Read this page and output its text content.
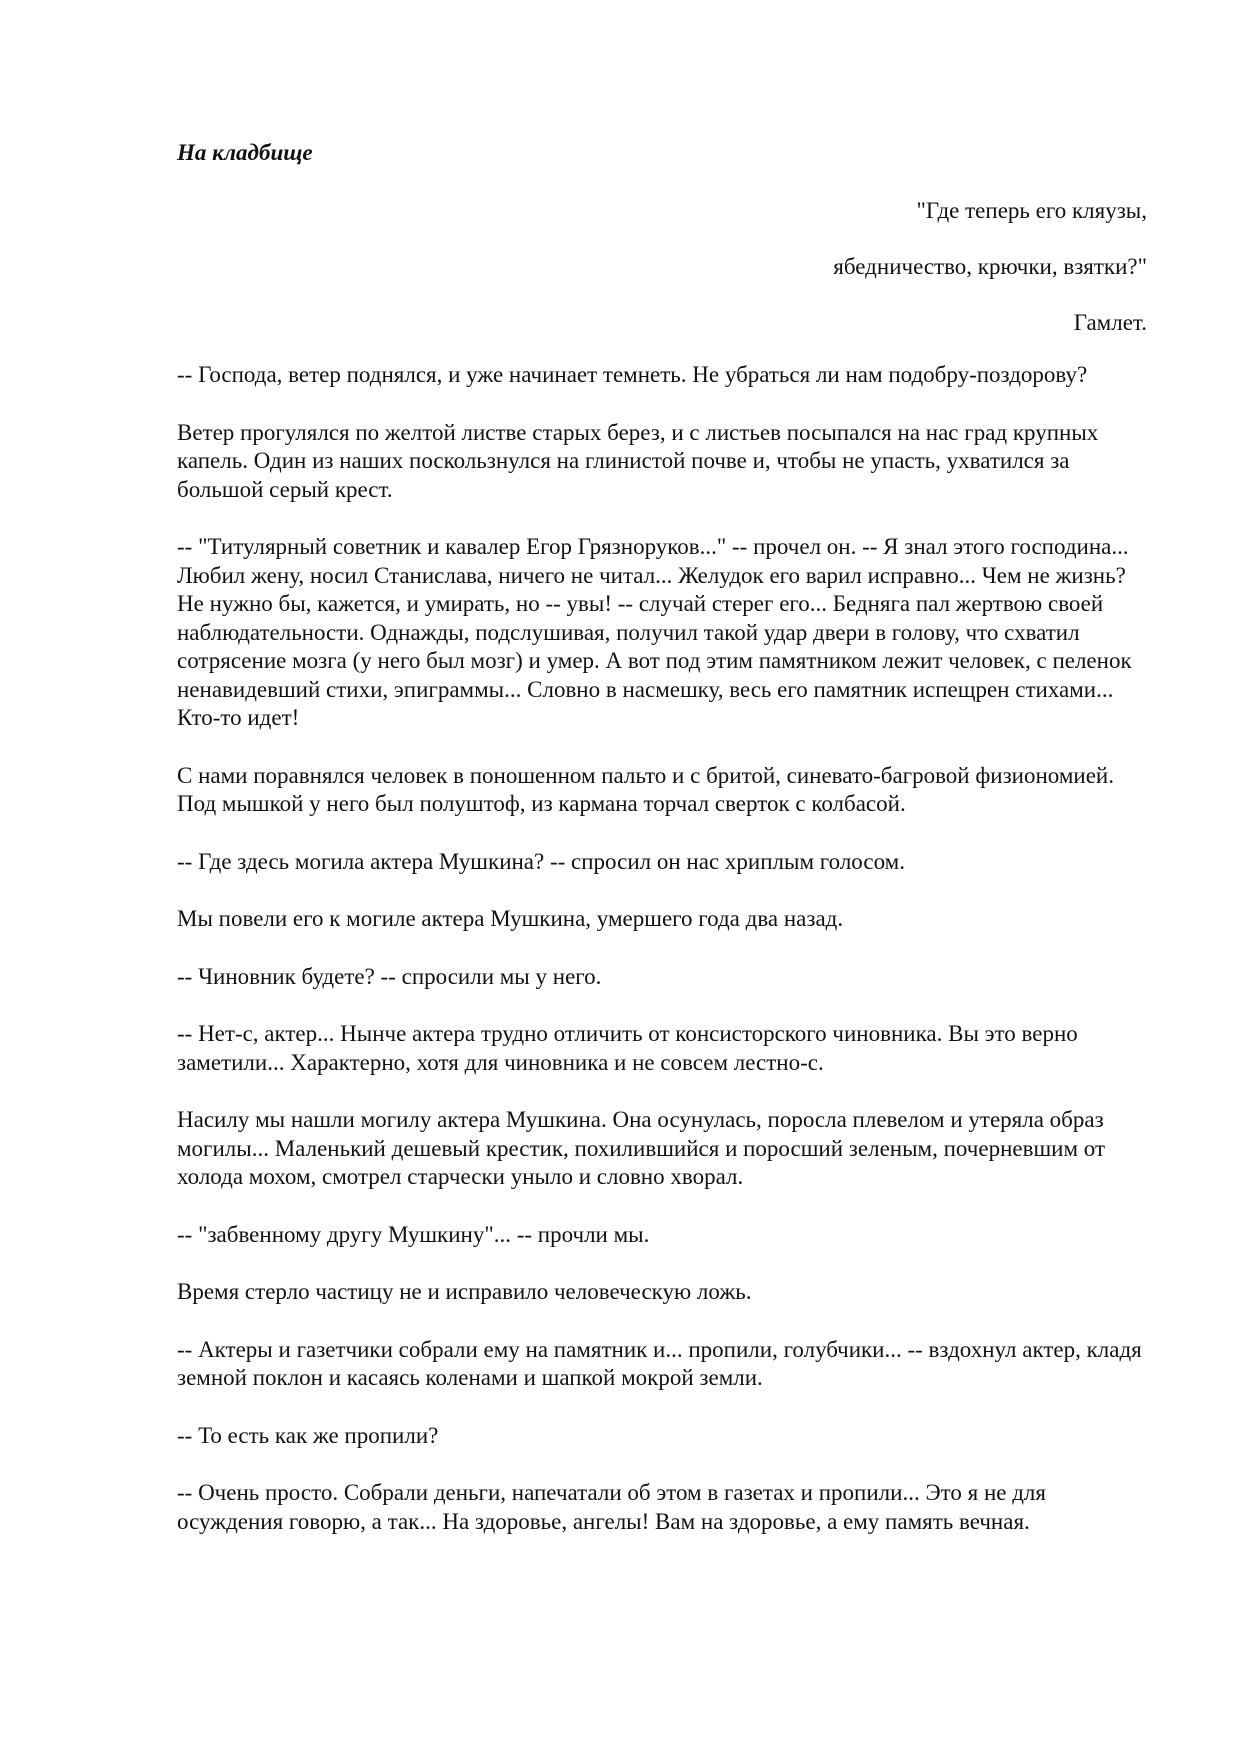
На кладбище
"Где теперь его кляузы,
ябедничество, крючки, взятки?"
Гамлет.

-- Господа, ветер поднялся, и уже начинает темнеть. Не убраться ли нам подобру-поздорову?

Ветер прогулялся по желтой листве старых берез, и с листьев посыпался на нас град крупных капель. Один из наших поскользнулся на глинистой почве и, чтобы не упасть, ухватился за большой серый крест.

-- "Титулярный советник и кавалер Егор Грязноруков..." -- прочел он. -- Я знал этого господина... Любил жену, носил Станислава, ничего не читал... Желудок его варил исправно... Чем не жизнь? Не нужно бы, кажется, и умирать, но -- увы! -- случай стерег его... Бедняга пал жертвою своей наблюдательности. Однажды, подслушивая, получил такой удар двери в голову, что схватил сотрясение мозга (у него был мозг) и умер. А вот под этим памятником лежит человек, с пеленок ненавидевший стихи, эпиграммы... Словно в насмешку, весь его памятник испещрен стихами... Кто-то идет!

С нами поравнялся человек в поношенном пальто и с бритой, синевато-багровой физиономией. Под мышкой у него был полуштоф, из кармана торчал сверток с колбасой.

-- Где здесь могила актера Мушкина? -- спросил он нас хриплым голосом.

Мы повели его к могиле актера Мушкина, умершего года два назад.

-- Чиновник будете? -- спросили мы у него.

-- Нет-с, актер... Нынче актера трудно отличить от консисторского чиновника. Вы это верно заметили... Характерно, хотя для чиновника и не совсем лестно-с.

Насилу мы нашли могилу актера Мушкина. Она осунулась, поросла плевелом и утеряла образ могилы... Маленький дешевый крестик, похилившийся и поросший зеленым, почерневшим от холода мохом, смотрел старчески уныло и словно хворал.

-- "забвенному другу Мушкину"... -- прочли мы.

Время стерло частицу не и исправило человеческую ложь.

-- Актеры и газетчики собрали ему на памятник и... пропили, голубчики... -- вздохнул актер, кладя земной поклон и касаясь коленами и шапкой мокрой земли.

-- То есть как же пропили?

-- Очень просто. Собрали деньги, напечатали об этом в газетах и пропили... Это я не для осуждения говорю, а так... На здоровье, ангелы! Вам на здоровье, а ему память вечная.
